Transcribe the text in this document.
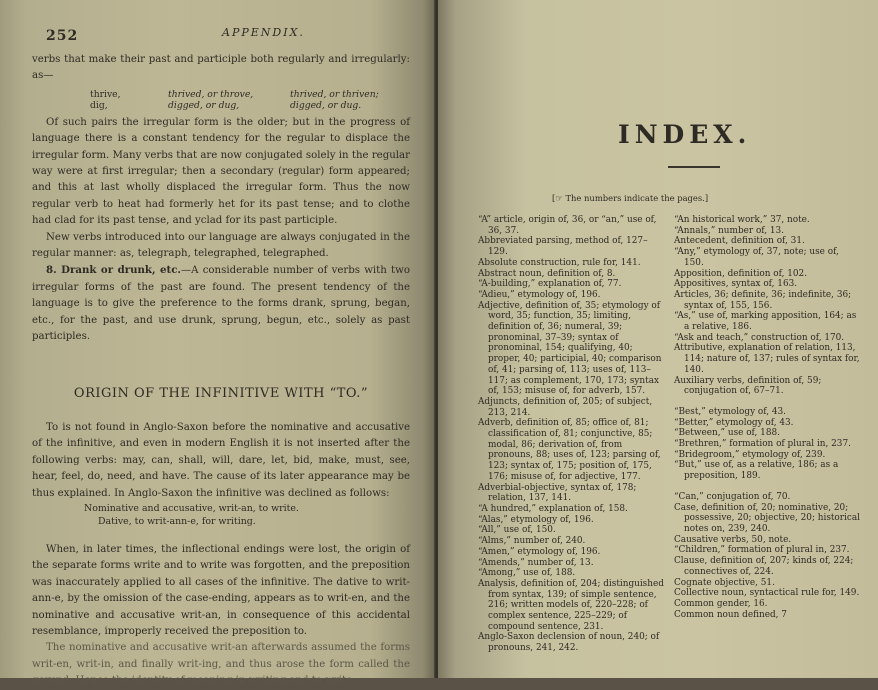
252	APPENDIX.

verbs that make their past and participle both regularly and irregularly: as—

thrive,	thrived, or throve,	thrived, or thriven;
dig,	digged, or dug,	digged, or dug.

Of such pairs the irregular form is the older; but in the progress of language there is a constant tendency for the regular to displace the irregular form. Many verbs that are now conjugated solely in the regular way were at first irregular; then a secondary (regular) form appeared; and this at last wholly displaced the irregular form. Thus the now regular verb to heat had formerly het for its past tense; and to clothe had clad for its past tense, and yclad for its past participle.

New verbs introduced into our language are always conjugated in the regular manner: as, telegraph, telegraphed, telegraphed.

8. Drank or drunk, etc.—A considerable number of verbs with two irregular forms of the past are found. The present tendency of the language is to give the preference to the forms drank, sprung, began, etc., for the past, and use drunk, sprung, begun, etc., solely as past participles.

ORIGIN OF THE INFINITIVE WITH “TO.”

To is not found in Anglo-Saxon before the nominative and accusative of the infinitive, and even in modern English it is not inserted after the following verbs: may, can, shall, will, dare, let, bid, make, must, see, hear, feel, do, need, and have. The cause of its later appearance may be thus explained. In Anglo-Saxon the infinitive was declined as follows:

Nominative and accusative, writ-an, to write.
Dative, to writ-ann-e, for writing.

When, in later times, the inflectional endings were lost, the origin of the separate forms write and to write was forgotten, and the preposition was inaccurately applied to all cases of the infinitive. The dative to writ-ann-e, by the omission of the case-ending, appears as to writ-en, and the nominative and accusative writ-an, in consequence of this accidental resemblance, improperly received the preposition to.

The nominative and accusative writ-an afterwards assumed the forms writ-en, writ-in, and finally writ-ing, and thus arose the form called the gerund. Hence the identity of meaning in writing and to write.

INDEX.
[☞ The numbers indicate the pages.]

“A” article, origin of, 36, or “an,” use of, 36, 37.

Abbreviated parsing, method of, 127–129.

Absolute construction, rule for, 141.

Abstract noun, definition of, 8.

“A-building,” explanation of, 77.

“Adieu,” etymology of, 196.

Adjective, definition of, 35; etymology of word, 35; function, 35; limiting, definition of, 36; numeral, 39; pronominal, 37–39; syntax of pronominal, 154; qualifying, 40; proper, 40; participial, 40; comparison of, 41; parsing of, 113; uses of, 113–117; as complement, 170, 173; syntax of, 153; misuse of, for adverb, 157.

Adjuncts, definition of, 205; of subject, 213, 214.

Adverb, definition of, 85; office of, 81; classification of, 81; conjunctive, 85; modal, 86; derivation of, from pronouns, 88; uses of, 123; parsing of, 123; syntax of, 175; position of, 175, 176; misuse of, for adjective, 177.

Adverbial-objective, syntax of, 178; relation, 137, 141.

“A hundred,” explanation of, 158.

“Alas,” etymology of, 196.

“All,” use of, 150.

“Alms,” number of, 240.

“Amen,” etymology of, 196.

“Amends,” number of, 13.

“Among,” use of, 188.

Analysis, definition of, 204; distinguished from syntax, 139; of simple sentence, 216; written models of, 220–228; of complex sentence, 225–229; of compound sentence, 231.

Anglo-Saxon declension of noun, 240; of pronouns, 241, 242.

“An historical work,” 37, note.

“Annals,” number of, 13.

Antecedent, definition of, 31.

“Any,” etymology of, 37, note; use of, 150.

Apposition, definition of, 102.

Appositives, syntax of, 163.

Articles, 36; definite, 36; indefinite, 36; syntax of, 155, 156.

“As,” use of, marking apposition, 164; as a relative, 186.

“Ask and teach,” construction of, 170.

Attributive, explanation of relation, 113, 114; nature of, 137; rules of syntax for, 140.

Auxiliary verbs, definition of, 59; conjugation of, 67–71.

“Best,” etymology of, 43.

“Better,” etymology of, 43.

“Between,” use of, 188.

“Brethren,” formation of plural in, 237.

“Bridegroom,” etymology of, 239.

“But,” use of, as a relative, 186; as a preposition, 189.

“Can,” conjugation of, 70.

Case, definition of, 20; nominative, 20; possessive, 20; objective, 20; historical notes on, 239, 240.

Causative verbs, 50, note.

“Children,” formation of plural in, 237.

Clause, definition of, 207; kinds of, 224; connectives of, 224.

Cognate objective, 51.

Collective noun, syntactical rule for, 149.

Common gender, 16.

Common noun defined, 7
